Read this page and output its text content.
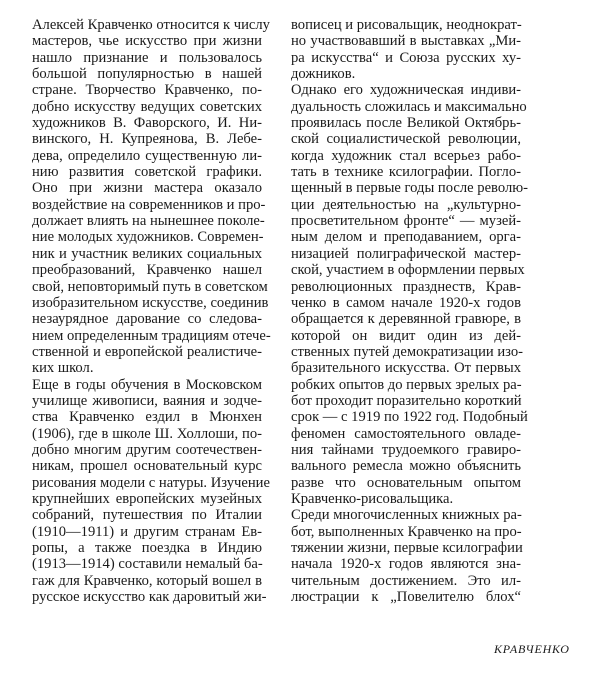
Алексей Кравченко относится к числу
мастеров, чье искусство при жизни
нашло признание и пользовалось
большой популярностью в нашей
стране. Творчество Кравченко, по-
добно искусству ведущих советских
художников В. Фаворского, И. Ни-
винского, Н. Купреянова, В. Лебе-
дева, определило существенную ли-
нию развития советской графики.
Оно при жизни мастера оказало
воздействие на современников и про-
должает влиять на нынешнее поколе-
ние молодых художников. Современ-
ник и участник великих социальных
преобразований, Кравченко нашел
свой, неповторимый путь в советском
изобразительном искусстве, соединив
незаурядное дарование со следова-
нием определенным традициям отече-
ственной и европейской реалистиче-
ких школ.
Еще в годы обучения в Московском
училище живописи, ваяния и зодче-
ства Кравченко ездил в Мюнхен
(1906), где в школе Ш. Холлоши, по-
добно многим другим соотечествен-
никам, прошел основательный курс
рисования модели с натуры. Изучение
крупнейших европейских музейных
собраний, путешествия по Италии
(1910—1911) и другим странам Ев-
ропы, а также поездка в Индию
(1913—1914) составили немалый ба-
гаж для Кравченко, который вошел в
русское искусство как даровитый жи-
вописец и рисовальщик, неоднократ-
но участвовавший в выставках „Ми-
ра искусства“ и Союза русских ху-
дожников.
Однако его художническая индиви-
дуальность сложилась и максимально
проявилась после Великой Октябрь-
ской социалистической революции,
когда художник стал всерьез рабо-
тать в технике ксилографии. Погло-
щенный в первые годы после револю-
ции деятельностью на „культурно-
просветительном фронте“ — музей-
ным делом и преподаванием, орга-
низацией полиграфической мастер-
ской, участием в оформлении первых
революционных празднеств, Крав-
ченко в самом начале 1920-х годов
обращается к деревянной гравюре, в
которой он видит один из дей-
ственных путей демократизации изо-
бразительного искусства. От первых
робких опытов до первых зрелых ра-
бот проходит поразительно короткий
срок — с 1919 по 1922 год. Подобный
феномен самостоятельного овладе-
ния тайнами трудоемкого гравиро-
вального ремесла можно объяснить
разве что основательным опытом
Кравченко-рисовальщика.
Среди многочисленных книжных ра-
бот, выполненных Кравченко на про-
тяжении жизни, первые ксилографии
начала 1920-х годов являются зна-
чительным достижением. Это ил-
люстрации к „Повелителю блох“
КРАВЧЕНКО
